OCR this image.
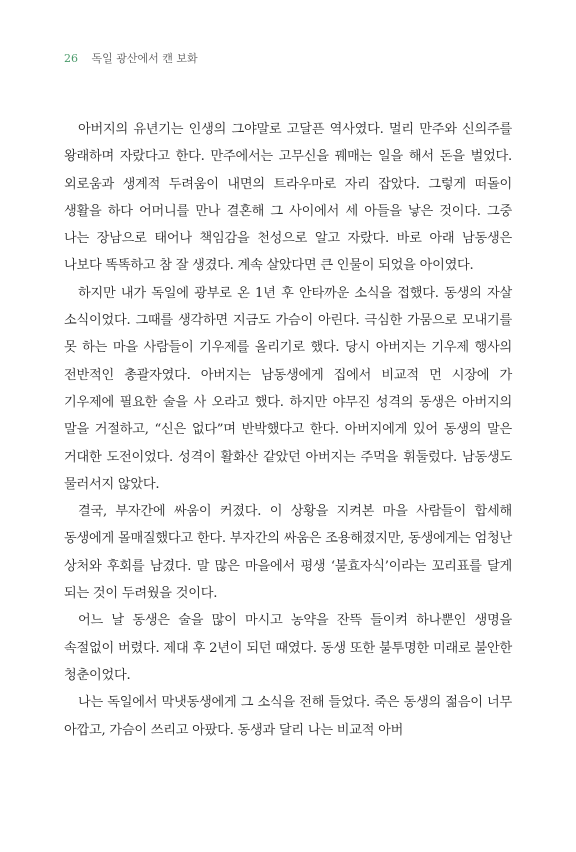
26 독일 광산에서 캔 보화

아버지의 유년기는 인생의 그야말로 고달픈 역사였다. 멀리 만주와 신의주를 왕래하며 자랐다고 한다. 만주에서는 고무신을 꿰매는 일을 해서 돈을 벌었다. 외로움과 생계적 두려움이 내면의 트라우마로 자리 잡았다. 그렇게 떠돌이 생활을 하다 어머니를 만나 결혼해 그 사이에서 세 아들을 낳은 것이다. 그중 나는 장남으로 태어나 책임감을 천성으로 알고 자랐다. 바로 아래 남동생은 나보다 똑똑하고 참 잘 생겼다. 계속 살았다면 큰 인물이 되었을 아이였다.

하지만 내가 독일에 광부로 온 1년 후 안타까운 소식을 접했다. 동생의 자살 소식이었다. 그때를 생각하면 지금도 가슴이 아린다. 극심한 가뭄으로 모내기를 못 하는 마을 사람들이 기우제를 올리기로 했다. 당시 아버지는 기우제 행사의 전반적인 총괄자였다. 아버지는 남동생에게 집에서 비교적 먼 시장에 가 기우제에 필요한 술을 사 오라고 했다. 하지만 야무진 성격의 동생은 아버지의 말을 거절하고, “신은 없다”며 반박했다고 한다. 아버지에게 있어 동생의 말은 거대한 도전이었다. 성격이 활화산 같았던 아버지는 주먹을 휘둘렀다. 남동생도 물러서지 않았다.

결국, 부자간에 싸움이 커졌다. 이 상황을 지켜본 마을 사람들이 합세해 동생에게 몰매질했다고 한다. 부자간의 싸움은 조용해졌지만, 동생에게는 엄청난 상처와 후회를 남겼다. 말 많은 마을에서 평생 ‘불효자식’이라는 꼬리표를 달게 되는 것이 두려웠을 것이다.

어느 날 동생은 술을 많이 마시고 농약을 잔뜩 들이켜 하나뿐인 생명을 속절없이 버렸다. 제대 후 2년이 되던 때였다. 동생 또한 불투명한 미래로 불안한 청춘이었다.

나는 독일에서 막냇동생에게 그 소식을 전해 들었다. 죽은 동생의 젊음이 너무 아깝고, 가슴이 쓰리고 아팠다. 동생과 달리 나는 비교적 아버
